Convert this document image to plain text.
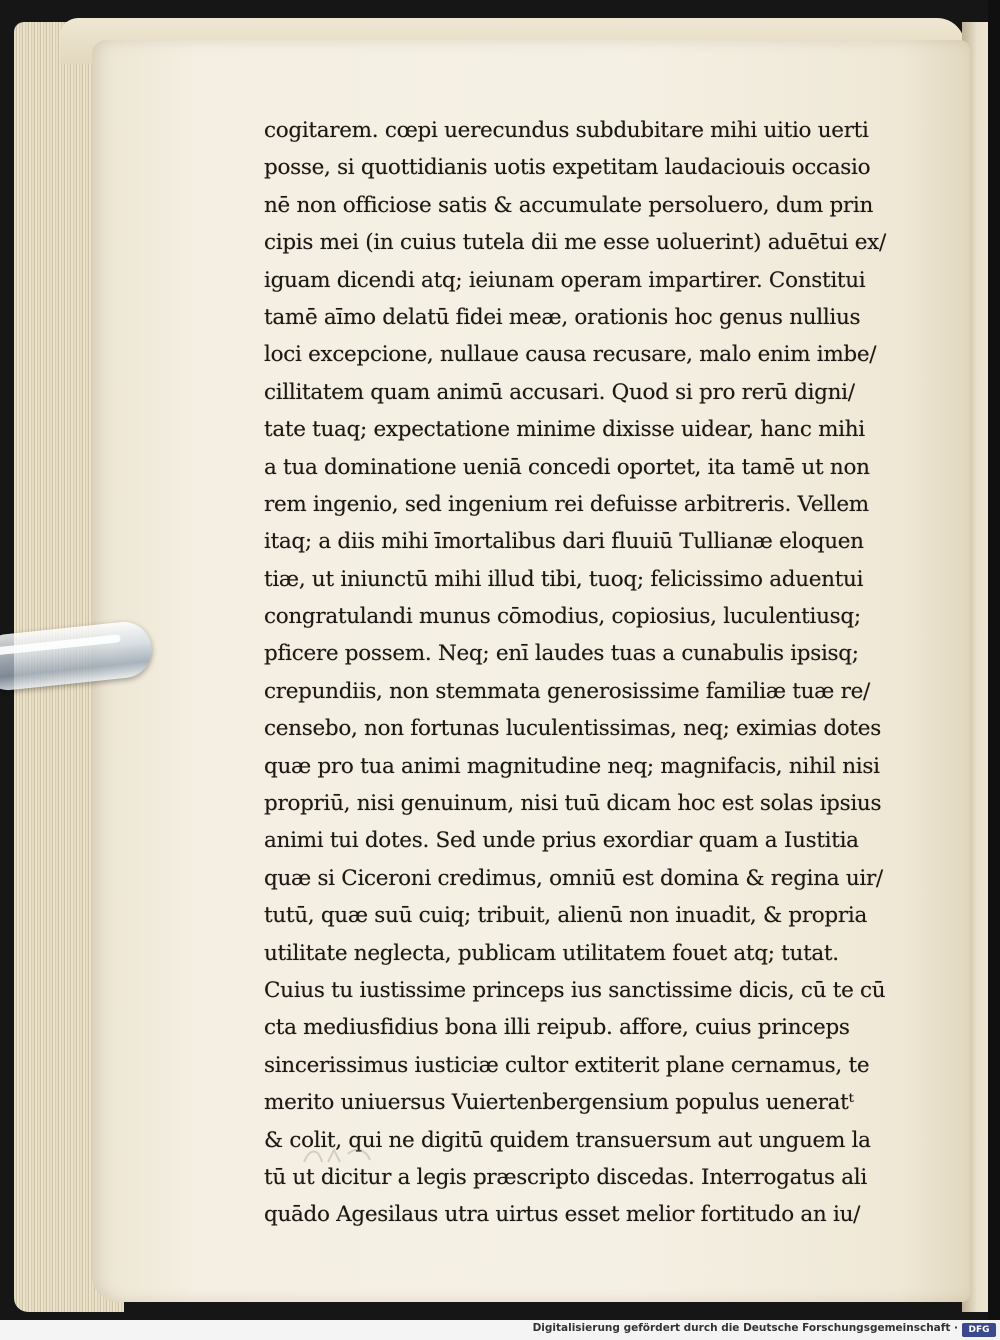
cogitarem. cœpi uerecundus subdubitare mihi uitio uerti
posse, si quottidianis uotis expetitam laudaciouis occasio
nē non officiose satis & accumulate persoluero, dum prin
cipis mei (in cuius tutela dii me esse uoluerint) aduētui ex/
iguam dicendi atq; ieiunam operam impartirer. Constitui
tamē aīmo delatū fidei meæ, orationis hoc genus nullius
loci excepcione, nullaue causa recusare, malo enim imbe/
cillitatem quam animū accusari. Quod si pro rerū digni/
tate tuaq; expectatione minime dixisse uidear, hanc mihi
a tua dominatione ueniā concedi oportet, ita tamē ut non
rem ingenio, sed ingenium rei defuisse arbitreris. Vellem
itaq; a diis mihi īmortalibus dari fluuiū Tullianæ eloquen
tiæ, ut iniunctū mihi illud tibi, tuoq; felicissimo aduentui
congratulandi munus cōmodius, copiosius, luculentiusq;
pficere possem. Neq; enī laudes tuas a cunabulis ipsisq;
crepundiis, non stemmata generosissime familiæ tuæ re/
censebo, non fortunas luculentissimas, neq; eximias dotes
quæ pro tua animi magnitudine neq; magnifacis, nihil nisi
propriū, nisi genuinum, nisi tuū dicam hoc est solas ipsius
animi tui dotes. Sed unde prius exordiar quam a Iustitia
quæ si Ciceroni credimus, omniū est domina & regina uir/
tutū, quæ suū cuiq; tribuit, alienū non inuadit, & propria
utilitate neglecta, publicam utilitatem fouet atq; tutat.
Cuius tu iustissime princeps ius sanctissime dicis, cū te cū
cta mediusfidius bona illi reipub. affore, cuius princeps
sincerissimus iusticiæ cultor extiterit plane cernamus, te
merito uniuersus Vuiertenbergensium populus ueneratᵗ
& colit, qui ne digitū quidem transuersum aut unguem la
tū ut dicitur a legis præscripto discedas. Interrogatus ali
quādo Agesilaus utra uirtus esset melior fortitudo an iu/
Digitalisierung gefördert durch die Deutsche Forschungsgemeinschaft ·	DFG
